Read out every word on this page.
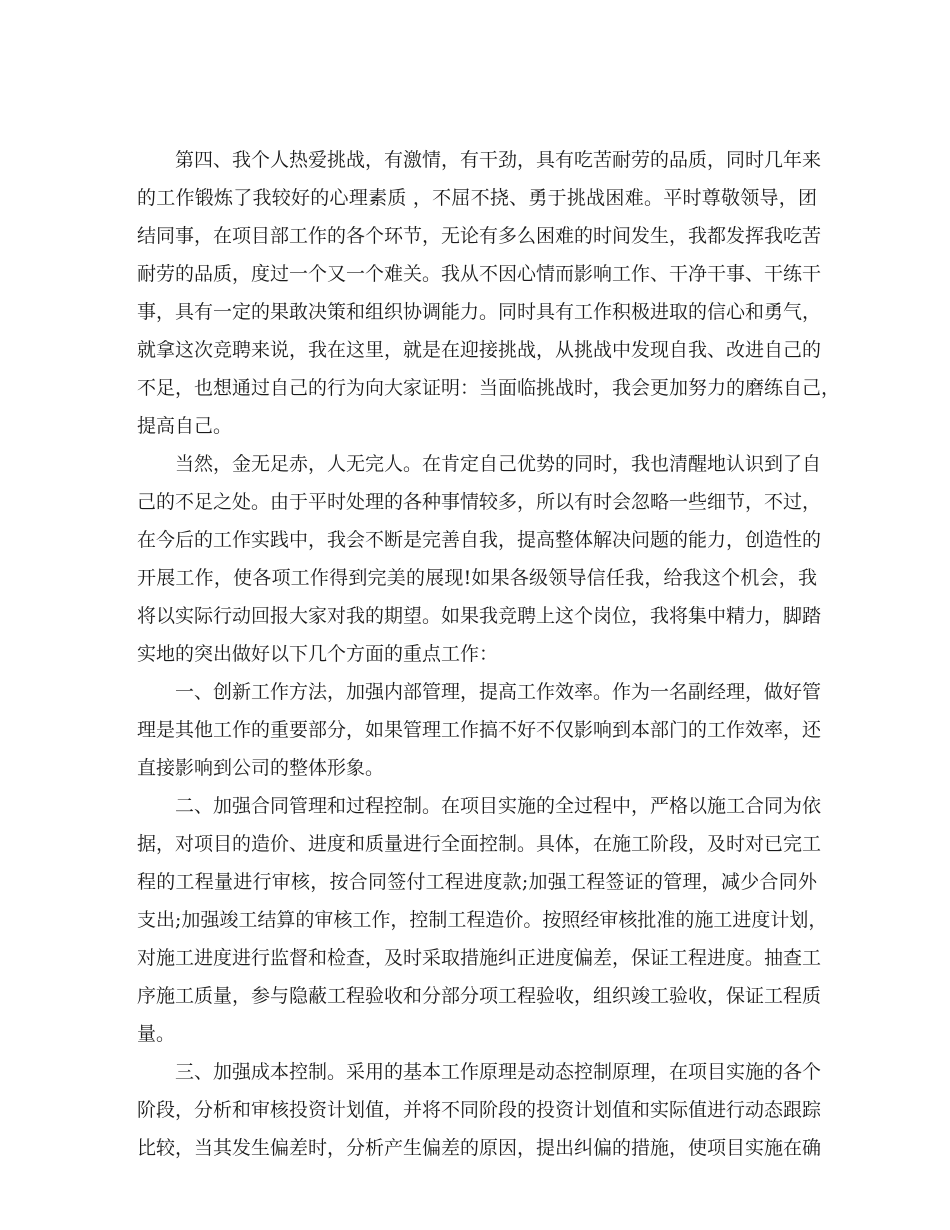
第四、我个人热爱挑战，有激情，有干劲，具有吃苦耐劳的品质，同时几年来
的工作锻炼了我较好的心理素质 ，不屈不挠、勇于挑战困难。平时尊敬领导，团
结同事，在项目部工作的各个环节，无论有多么困难的时间发生，我都发挥我吃苦
耐劳的品质，度过一个又一个难关。我从不因心情而影响工作、干净干事、干练干
事，具有一定的果敢决策和组织协调能力。同时具有工作积极进取的信心和勇气，
就拿这次竞聘来说，我在这里，就是在迎接挑战，从挑战中发现自我、改进自己的
不足，也想通过自己的行为向大家证明：当面临挑战时，我会更加努力的磨练自己，
提高自己。
当然，金无足赤，人无完人。在肯定自己优势的同时，我也清醒地认识到了自
己的不足之处。由于平时处理的各种事情较多，所以有时会忽略一些细节，不过，
在今后的工作实践中，我会不断是完善自我，提高整体解决问题的能力，创造性的
开展工作，使各项工作得到完美的展现!如果各级领导信任我，给我这个机会，我
将以实际行动回报大家对我的期望。如果我竞聘上这个岗位，我将集中精力，脚踏
实地的突出做好以下几个方面的重点工作：
一、创新工作方法，加强内部管理，提高工作效率。作为一名副经理，做好管
理是其他工作的重要部分，如果管理工作搞不好不仅影响到本部门的工作效率，还
直接影响到公司的整体形象。
二、加强合同管理和过程控制。在项目实施的全过程中，严格以施工合同为依
据，对项目的造价、进度和质量进行全面控制。具体，在施工阶段，及时对已完工
程的工程量进行审核，按合同签付工程进度款;加强工程签证的管理，减少合同外
支出;加强竣工结算的审核工作，控制工程造价。按照经审核批准的施工进度计划，
对施工进度进行监督和检查，及时采取措施纠正进度偏差，保证工程进度。抽查工
序施工质量，参与隐蔽工程验收和分部分项工程验收，组织竣工验收，保证工程质
量。
三、加强成本控制。采用的基本工作原理是动态控制原理，在项目实施的各个
阶段，分析和审核投资计划值，并将不同阶段的投资计划值和实际值进行动态跟踪
比较，当其发生偏差时，分析产生偏差的原因，提出纠偏的措施，使项目实施在确
